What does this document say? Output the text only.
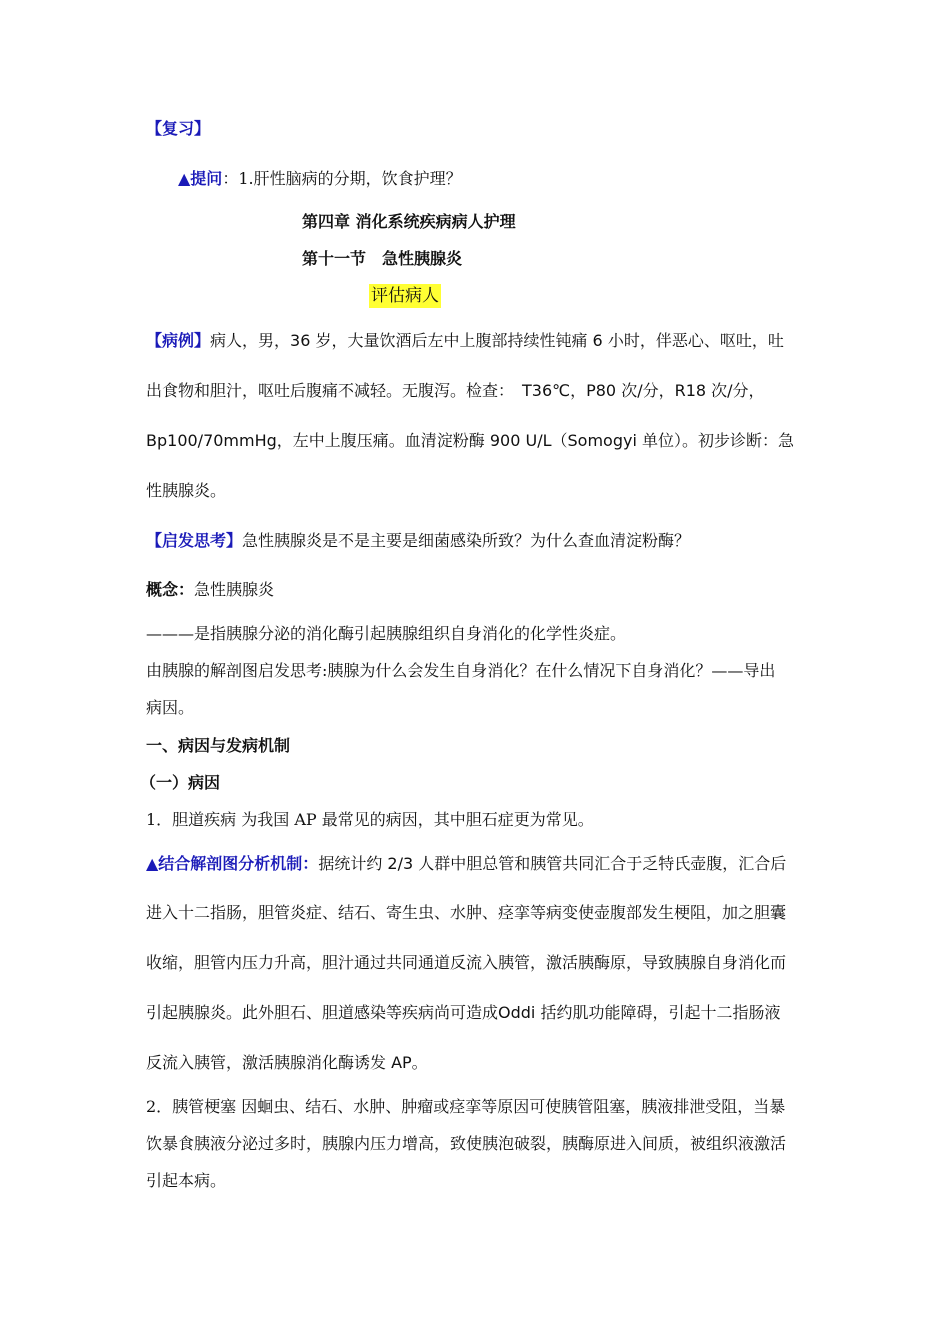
【复习】
▲提问：1.肝性脑病的分期，饮食护理？
第四章 消化系统疾病病人护理
第十一节　急性胰腺炎
评估病人
【病例】病人，男，36 岁，大量饮酒后左中上腹部持续性钝痛 6 小时，伴恶心、呕吐，吐
出食物和胆汁，呕吐后腹痛不减轻。无腹泻。检查：　T36℃，P80 次/分，R18 次/分，
Bp100/70mmHg，左中上腹压痛。血清淀粉酶 900 U/L（Somogyi 单位）。初步诊断：急
性胰腺炎。
【启发思考】急性胰腺炎是不是主要是细菌感染所致？为什么查血清淀粉酶？
概念：急性胰腺炎
———是指胰腺分泌的消化酶引起胰腺组织自身消化的化学性炎症。
由胰腺的解剖图启发思考:胰腺为什么会发生自身消化？在什么情况下自身消化？——导出
病因。
一、病因与发病机制
（一）病因
1．胆道疾病 为我国 AP 最常见的病因，其中胆石症更为常见。
▲结合解剖图分析机制：据统计约 2/3 人群中胆总管和胰管共同汇合于乏特氏壶腹，汇合后
进入十二指肠，胆管炎症、结石、寄生虫、水肿、痉挛等病变使壶腹部发生梗阻，加之胆囊
收缩，胆管内压力升高，胆汁通过共同通道反流入胰管，激活胰酶原，导致胰腺自身消化而
引起胰腺炎。此外胆石、胆道感染等疾病尚可造成Oddi 括约肌功能障碍，引起十二指肠液
反流入胰管，激活胰腺消化酶诱发 AP。
2．胰管梗塞 因蛔虫、结石、水肿、肿瘤或痉挛等原因可使胰管阻塞，胰液排泄受阻，当暴
饮暴食胰液分泌过多时，胰腺内压力增高，致使胰泡破裂，胰酶原进入间质，被组织液激活
引起本病。
